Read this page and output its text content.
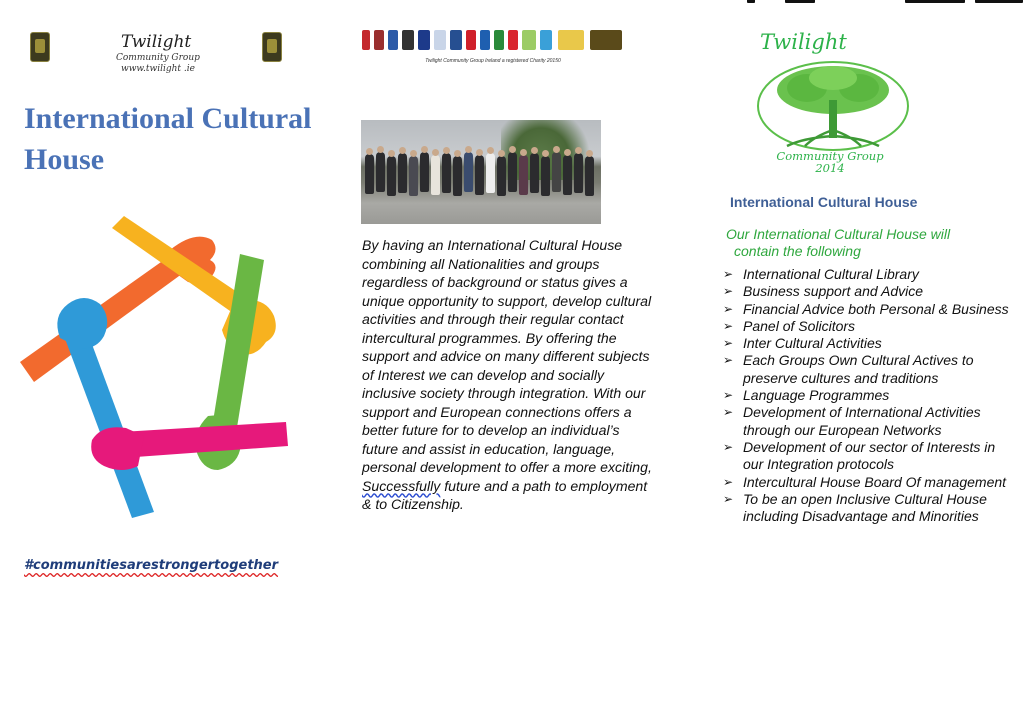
Twilight
Community Group
www.twilight .ie
International Cultural House
#communitiesarestrongertogether
Twilight Community Group Ireland a registered Charity 20150
By having an International Cultural House combining all Nationalities and groups regardless of background or status gives a unique opportunity to support, develop cultural activities and through their regular contact intercultural programmes. By offering the support and advice on many different subjects of Interest we can develop and socially inclusive society through integration. With our support and European connections offers a better future for to develop an individual’s future and assist in education, language, personal development to offer a more exciting, Successfully future and a path to employment & to Citizenship.
Twilight
Community Group
2014
International Cultural House
Our International Cultural House will
contain the following
➢ International Cultural Library
➢ Business support and Advice
➢ Financial Advice both Personal & Business
➢ Panel of Solicitors
➢ Inter Cultural Activities
➢ Each Groups Own Cultural Actives to preserve cultures and traditions
➢ Language Programmes
➢ Development of International Activities through our European Networks
➢ Development of our sector of Interests in our Integration protocols
➢ Intercultural House Board Of management
➢ To be an open Inclusive Cultural House including Disadvantage and Minorities
